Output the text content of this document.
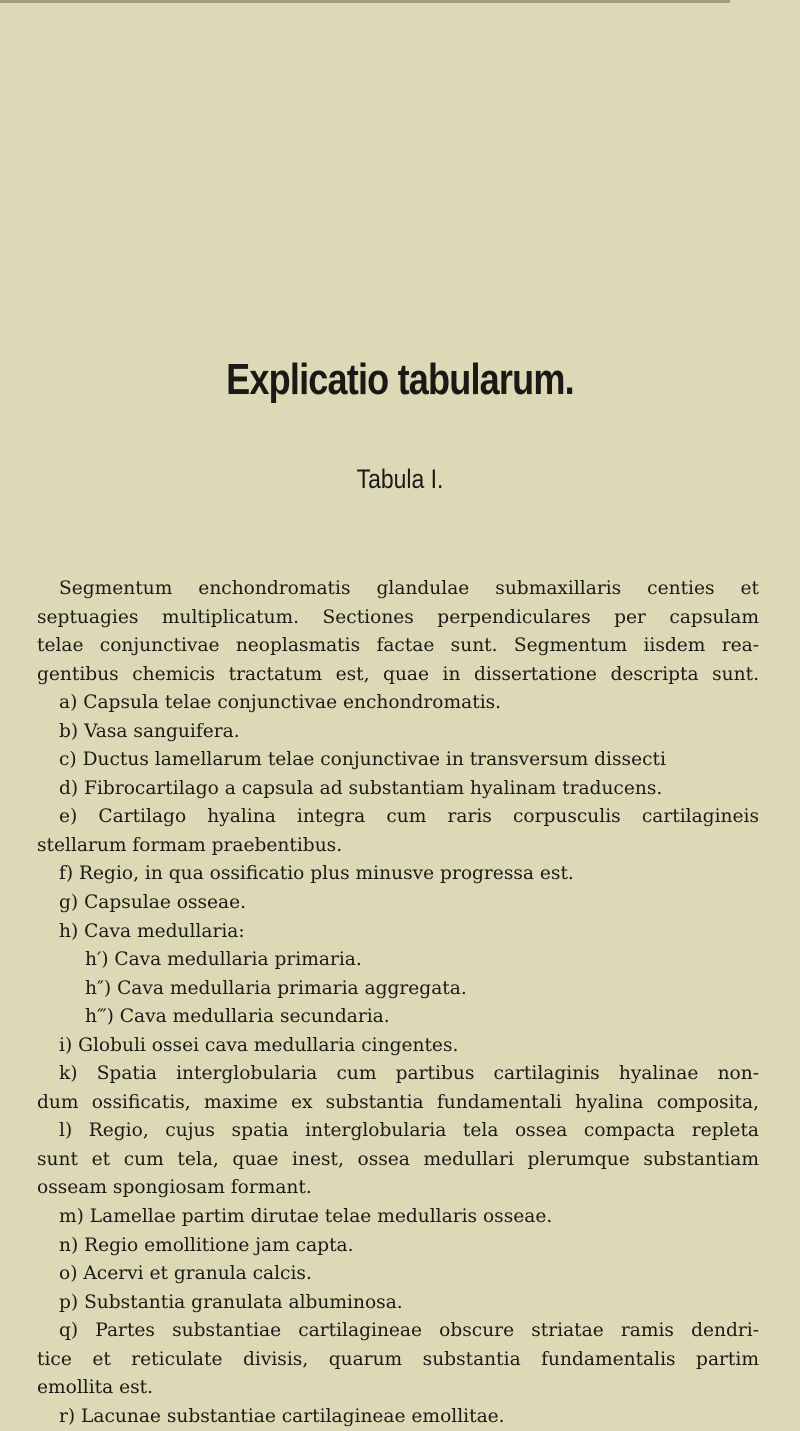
Explicatio tabularum.
Tabula I.
Segmentum enchondromatis glandulae submaxillaris centies et
septuagies multiplicatum. Sectiones perpendiculares per capsulam
telae conjunctivae neoplasmatis factae sunt. Segmentum iisdem rea-
gentibus chemicis tractatum est, quae in dissertatione descripta sunt.
a) Capsula telae conjunctivae enchondromatis.
b) Vasa sanguifera.
c) Ductus lamellarum telae conjunctivae in transversum dissecti
d) Fibrocartilago a capsula ad substantiam hyalinam traducens.
e) Cartilago hyalina integra cum raris corpusculis cartilagineis
stellarum formam praebentibus.
f) Regio, in qua ossificatio plus minusve progressa est.
g) Capsulae osseae.
h) Cava medullaria:
h′) Cava medullaria primaria.
h″) Cava medullaria primaria aggregata.
h‴) Cava medullaria secundaria.
i) Globuli ossei cava medullaria cingentes.
k) Spatia interglobularia cum partibus cartilaginis hyalinae non-
dum ossificatis, maxime ex substantia fundamentali hyalina composita,
l) Regio, cujus spatia interglobularia tela ossea compacta repleta
sunt et cum tela, quae inest, ossea medullari plerumque substantiam
osseam spongiosam formant.
m) Lamellae partim dirutae telae medullaris osseae.
n) Regio emollitione jam capta.
o) Acervi et granula calcis.
p) Substantia granulata albuminosa.
q) Partes substantiae cartilagineae obscure striatae ramis dendri-
tice et reticulate divisis, quarum substantia fundamentalis partim
emollita est.
r) Lacunae substantiae cartilagineae emollitae.
